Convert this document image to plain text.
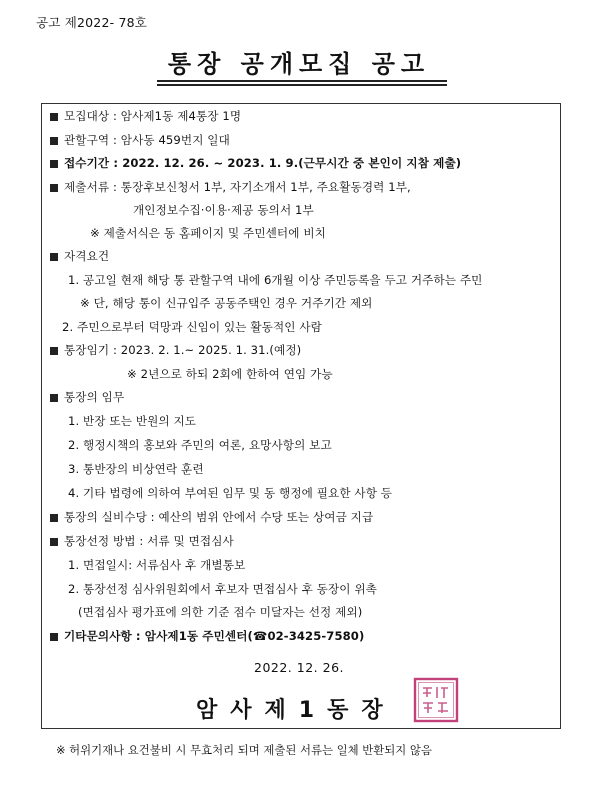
공고 제2022- 78호
통장 공개모집 공고
모집대상 : 암사제1동 제4통장 1명
관할구역 : 암사동 459번지 일대
접수기간 : 2022. 12. 26. ~ 2023. 1. 9.(근무시간 중 본인이 지참 제출)
제출서류 : 통장후보신청서 1부, 자기소개서 1부, 주요활동경력 1부,
개인정보수집·이용·제공 동의서 1부
※ 제출서식은 동 홈페이지 및 주민센터에 비치
자격요건
1. 공고일 현재 해당 통 관할구역 내에 6개월 이상 주민등록을 두고 거주하는 주민
※ 단, 해당 통이 신규입주 공동주택인 경우 거주기간 제외
2. 주민으로부터 덕망과 신임이 있는 활동적인 사람
통장임기 : 2023. 2. 1.~ 2025. 1. 31.(예정)
※ 2년으로 하되 2회에 한하여 연임 가능
통장의 임무
1. 반장 또는 반원의 지도
2. 행정시책의 홍보와 주민의 여론, 요망사항의 보고
3. 통반장의 비상연락 훈련
4. 기타 법령에 의하여 부여된 임무 및 동 행정에 필요한 사항 등
통장의 실비수당 : 예산의 범위 안에서 수당 또는 상여금 지급
통장선정 방법 : 서류 및 면접심사
1. 면접일시: 서류심사 후 개별통보
2. 통장선정 심사위원회에서 후보자 면접심사 후 동장이 위촉
(면접심사 평가표에 의한 기준 점수 미달자는 선정 제외)
기타문의사항 : 암사제1동 주민센터(☎02-3425-7580)
2022. 12. 26.
암사제1동장
※ 허위기재나 요건불비 시 무효처리 되며 제출된 서류는 일체 반환되지 않음
